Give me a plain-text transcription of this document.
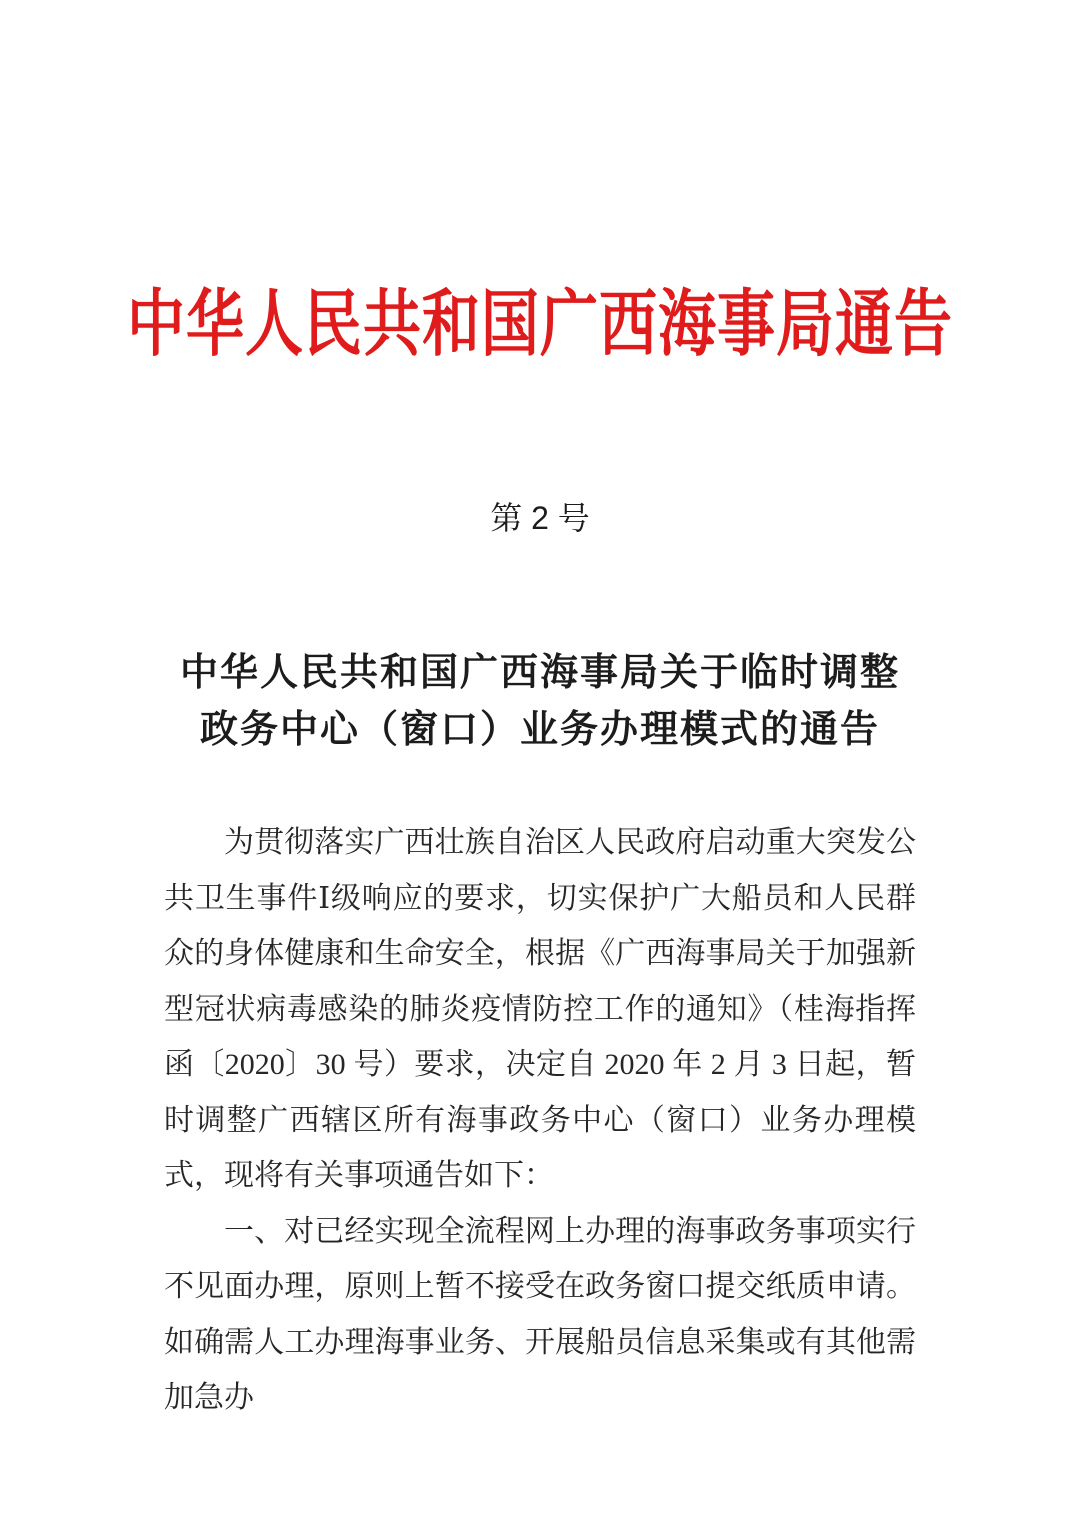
中华人民共和国广西海事局通告
第 2 号
中华人民共和国广西海事局关于临时调整
政务中心（窗口）业务办理模式的通告

为贯彻落实广西壮族自治区人民政府启动重大突发公共卫生事件Ⅰ级响应的要求，切实保护广大船员和人民群众的身体健康和生命安全，根据《广西海事局关于加强新型冠状病毒感染的肺炎疫情防控工作的通知》（桂海指挥函〔2020〕30 号）要求，决定自 2020 年 2 月 3 日起，暂时调整广西辖区所有海事政务中心（窗口）业务办理模式，现将有关事项通告如下：

一、对已经实现全流程网上办理的海事政务事项实行不见面办理，原则上暂不接受在政务窗口提交纸质申请。如确需人工办理海事业务、开展船员信息采集或有其他需加急办
